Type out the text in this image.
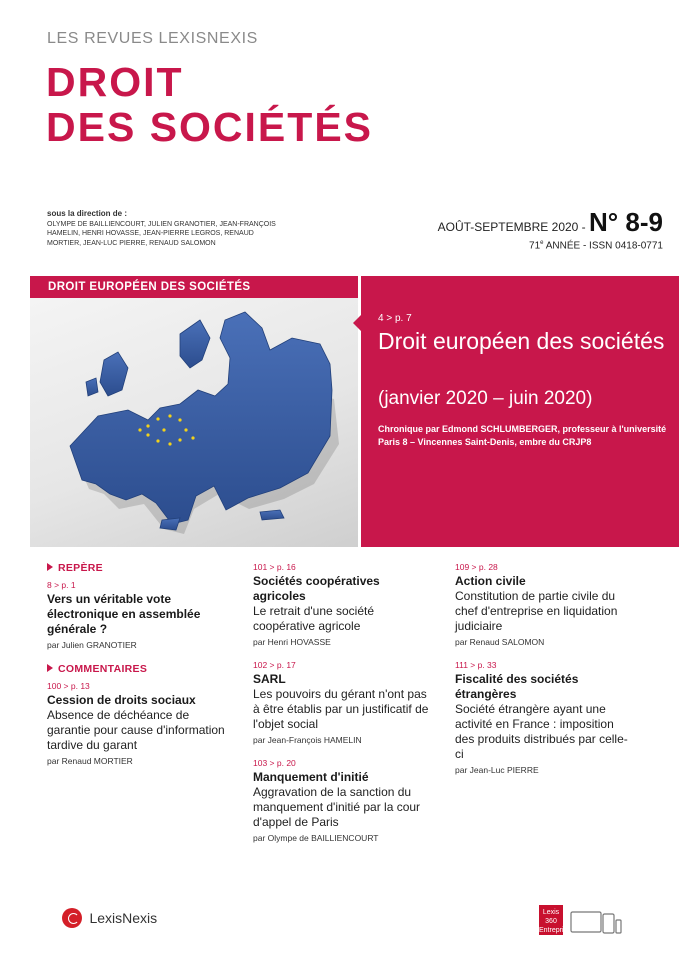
LES REVUES LEXISNEXIS
DROIT
DES SOCIÉTÉS
sous la direction de :
OLYMPE DE BAILLIENCOURT, JULIEN GRANOTIER, JEAN-FRANÇOIS HAMELIN, HENRI HOVASSE, JEAN-PIERRE LEGROS, RENAUD MORTIER, JEAN-LUC PIERRE, RENAUD SALOMON
AOÛT-SEPTEMBRE 2020 - N° 8-9
71e ANNÉE - ISSN 0418-0771
DROIT EUROPÉEN DES SOCIÉTÉS
4 > p. 7
Droit européen des sociétés
(janvier 2020 – juin 2020)
Chronique par Edmond SCHLUMBERGER, professeur à l'université Paris 8 – Vincennes Saint-Denis, embre du CRJP8
REPÈRE
8 > p. 1
Vers un véritable vote électronique en assemblée générale ?
par Julien GRANOTIER
COMMENTAIRES
100 > p. 13
Cession de droits sociaux
Absence de déchéance de garantie pour cause d'information tardive du garant
par Renaud MORTIER
101 > p. 16
Sociétés coopératives agricoles
Le retrait d'une société coopérative agricole
par Henri HOVASSE
102 > p. 17
SARL
Les pouvoirs du gérant n'ont pas à être établis par un justificatif de l'objet social
par Jean-François HAMELIN
103 > p. 20
Manquement d'initié
Aggravation de la sanction du manquement d'initié par la cour d'appel de Paris
par Olympe de BAILLIENCOURT
109 > p. 28
Action civile
Constitution de partie civile du chef d'entreprise en liquidation judiciaire
par Renaud SALOMON
111 > p. 33
Fiscalité des sociétés étrangères
Société étrangère ayant une activité en France : imposition des produits distribués par celle-ci
par Jean-Luc PIERRE
LexisNexis	Lexis 360 Entreprise
